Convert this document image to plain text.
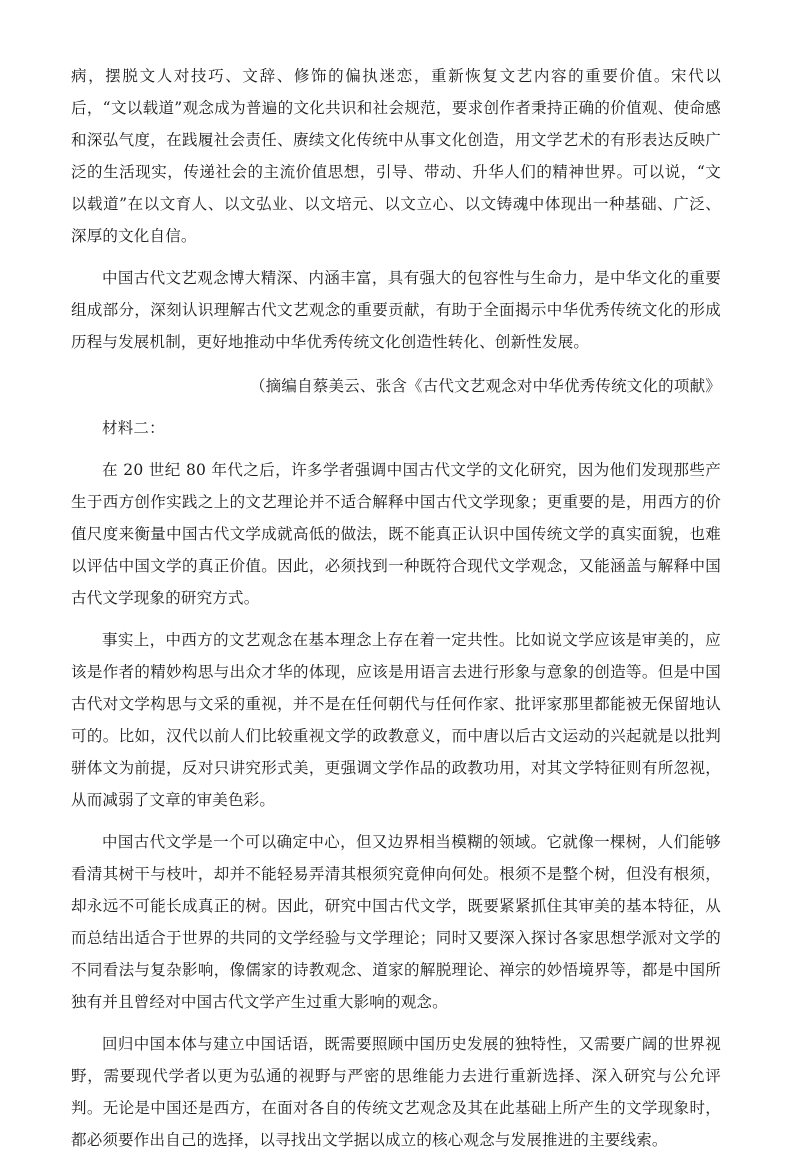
病，摆脱文人对技巧、文辞、修饰的偏执迷恋，重新恢复文艺内容的重要价值。宋代以后，“文以载道”观念成为普遍的文化共识和社会规范，要求创作者秉持正确的价值观、使命感和深弘气度，在践履社会责任、赓续文化传统中从事文化创造，用文学艺术的有形表达反映广泛的生活现实，传递社会的主流价值思想，引导、带动、升华人们的精神世界。可以说，“文以载道”在以文育人、以文弘业、以文培元、以文立心、以文铸魂中体现出一种基础、广泛、深厚的文化自信。

中国古代文艺观念博大精深、内涵丰富，具有强大的包容性与生命力，是中华文化的重要组成部分，深刻认识理解古代文艺观念的重要贡献，有助于全面揭示中华优秀传统文化的形成历程与发展机制，更好地推动中华优秀传统文化创造性转化、创新性发展。

（摘编自蔡美云、张含《古代文艺观念对中华优秀传统文化的项献》

材料二：

在 20 世纪 80 年代之后，许多学者强调中国古代文学的文化研究，因为他们发现那些产生于西方创作实践之上的文艺理论并不适合解释中国古代文学现象；更重要的是，用西方的价值尺度来衡量中国古代文学成就高低的做法，既不能真正认识中国传统文学的真实面貌，也难以评估中国文学的真正价值。因此，必须找到一种既符合现代文学观念，又能涵盖与解释中国古代文学现象的研究方式。

事实上，中西方的文艺观念在基本理念上存在着一定共性。比如说文学应该是审美的，应该是作者的精妙构思与出众才华的体现，应该是用语言去进行形象与意象的创造等。但是中国古代对文学构思与文采的重视，并不是在任何朝代与任何作家、批评家那里都能被无保留地认可的。比如，汉代以前人们比较重视文学的政教意义，而中唐以后古文运动的兴起就是以批判骈体文为前提，反对只讲究形式美，更强调文学作品的政教功用，对其文学特征则有所忽视，从而减弱了文章的审美色彩。

中国古代文学是一个可以确定中心，但又边界相当模糊的领域。它就像一棵树，人们能够看清其树干与枝叶，却并不能轻易弄清其根须究竟伸向何处。根须不是整个树，但没有根须，却永远不可能长成真正的树。因此，研究中国古代文学，既要紧紧抓住其审美的基本特征，从而总结出适合于世界的共同的文学经验与文学理论；同时又要深入探讨各家思想学派对文学的不同看法与复杂影响，像儒家的诗教观念、道家的解脱理论、禅宗的妙悟境界等，都是中国所独有并且曾经对中国古代文学产生过重大影响的观念。

回归中国本体与建立中国话语，既需要照顾中国历史发展的独特性，又需要广阔的世界视野，需要现代学者以更为弘通的视野与严密的思维能力去进行重新选择、深入研究与公允评判。无论是中国还是西方，在面对各自的传统文艺观念及其在此基础上所产生的文学现象时，都必须要作出自己的选择，以寻找出文学据以成立的核心观念与发展推进的主要线索。
